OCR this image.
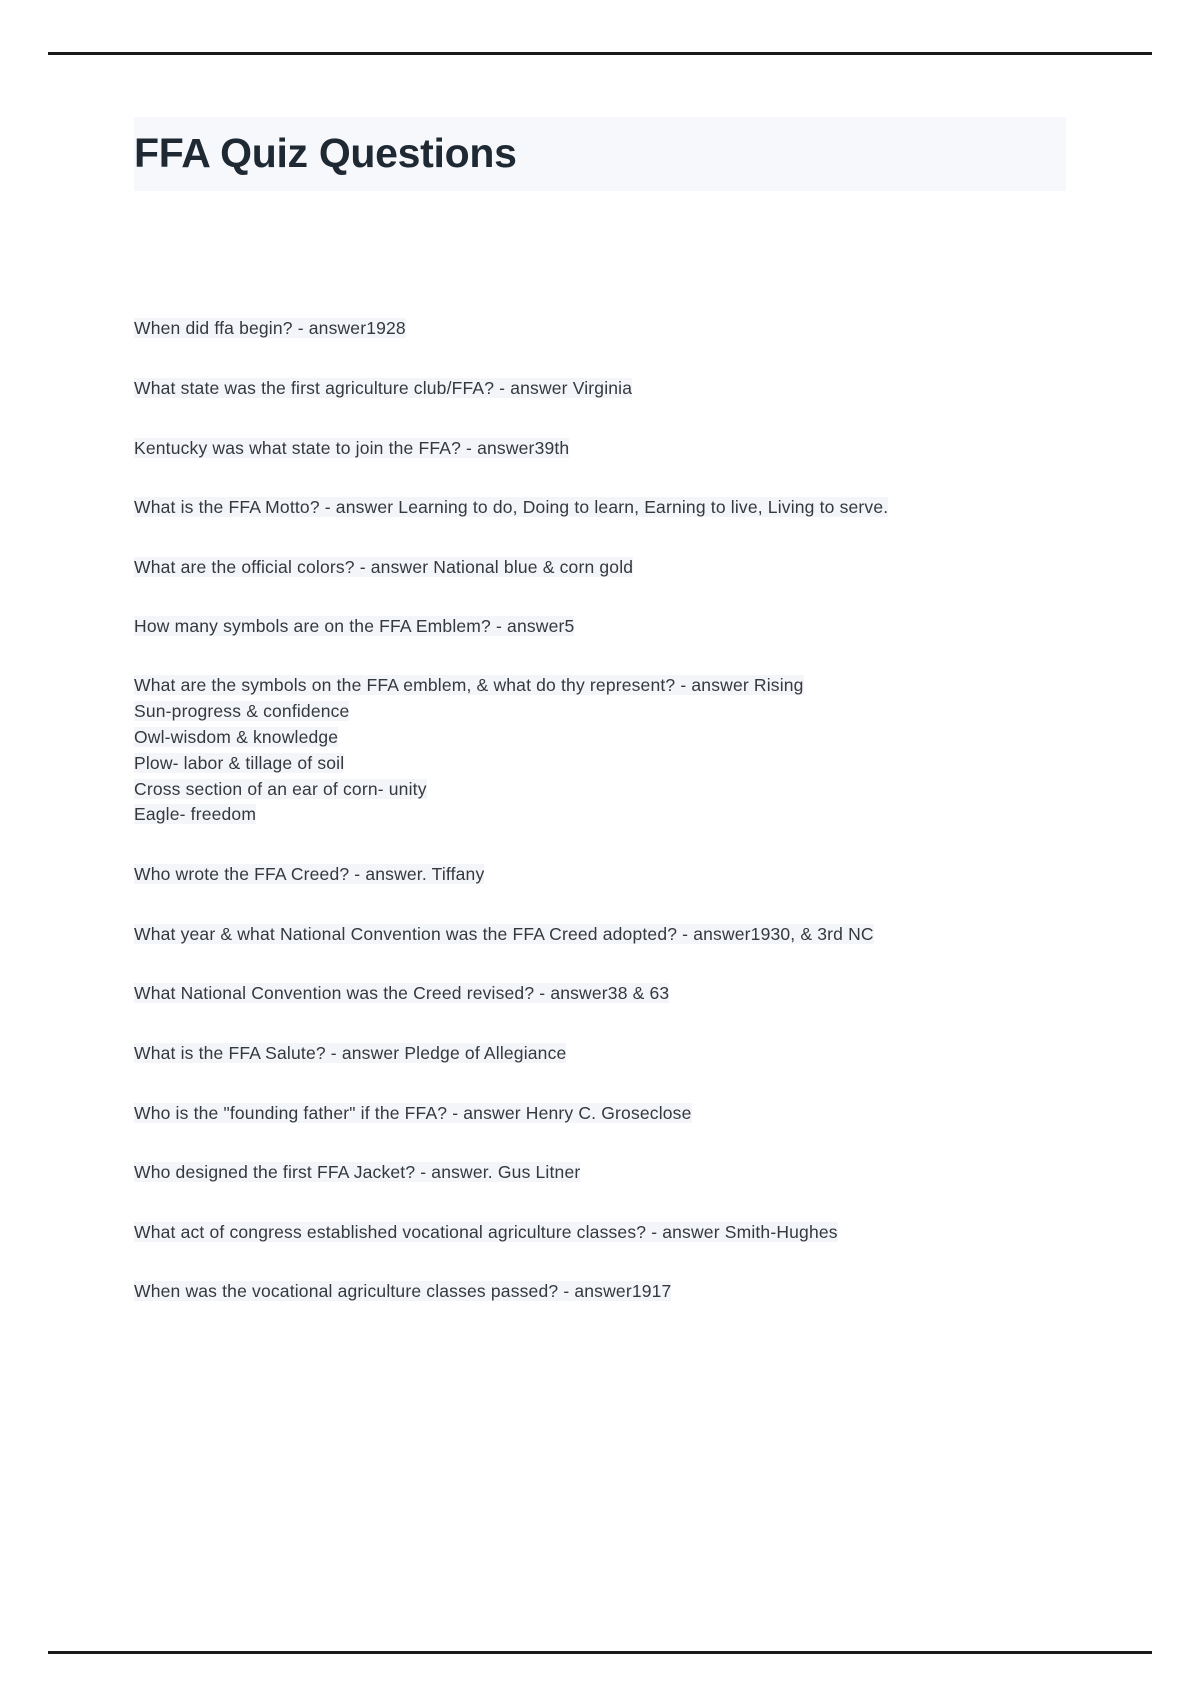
FFA Quiz Questions

When did ffa begin? - answer1928

What state was the first agriculture club/FFA? - answer Virginia

Kentucky was what state to join the FFA? - answer39th

What is the FFA Motto? - answer Learning to do, Doing to learn, Earning to live, Living to serve.

What are the official colors? - answer National blue & corn gold

How many symbols are on the FFA Emblem? - answer5

What are the symbols on the FFA emblem, & what do thy represent? - answer Rising
Sun-progress & confidence
Owl-wisdom & knowledge
Plow- labor & tillage of soil
Cross section of an ear of corn- unity
Eagle- freedom

Who wrote the FFA Creed? - answer. Tiffany

What year & what National Convention was the FFA Creed adopted? - answer1930, & 3rd NC

What National Convention was the Creed revised? - answer38 & 63

What is the FFA Salute? - answer Pledge of Allegiance

Who is the "founding father" if the FFA? - answer Henry C. Groseclose

Who designed the first FFA Jacket? - answer. Gus Litner

What act of congress established vocational agriculture classes? - answer Smith-Hughes

When was the vocational agriculture classes passed? - answer1917
